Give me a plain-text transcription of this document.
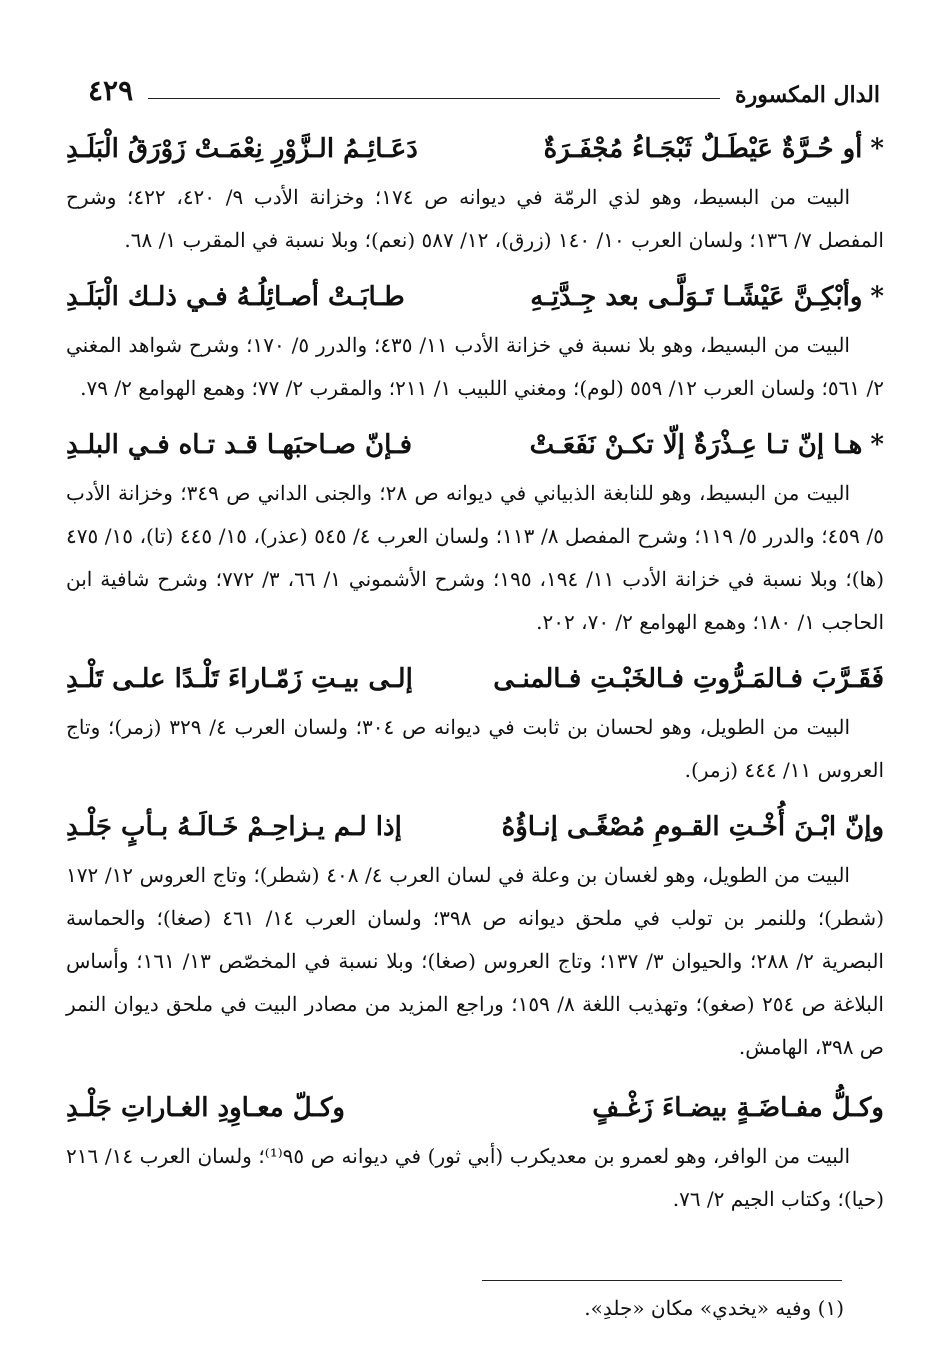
٤٢٩	الدال المكسورة
*أو حُـرَّةٌ عَيْطَـلٌ ثَبْجَـاءُ مُجْفَـرَةٌ
دَعَـائِـمُ الـزَّوْرِ نِعْمَـتْ زَوْرَقُ الْبَلَـدِ
البيت من البسيط، وهو لذي الرمّة في ديوانه ص ١٧٤؛ وخزانة الأدب ٩/ ٤٢٠، ٤٢٢؛ وشرح المفصل ٧/ ١٣٦؛ ولسان العرب ١٠/ ١٤٠ (زرق)، ١٢/ ٥٨٧ (نعم)؛ وبلا نسبة في المقرب ١/ ٦٨.
*وأبْكِـنَّ عَيْشًـا تَـوَلَّـى بعد جِـدَّتِـهِ
طـابَـتْ أصـائِلُـهُ فـي ذلـك الْبَلَـدِ
البيت من البسيط، وهو بلا نسبة في خزانة الأدب ١١/ ٤٣٥؛ والدرر ٥/ ١٧٠؛ وشرح شواهد المغني ٢/ ٥٦١؛ ولسان العرب ١٢/ ٥٥٩ (لوم)؛ ومغني اللبيب ١/ ٢١١؛ والمقرب ٢/ ٧٧؛ وهمع الهوامع ٢/ ٧٩.
*هـا إنّ تـا عِـذْرَةٌ إلّا تكـنْ نَفَعَـتْ
فـإنّ صـاحبَهـا قـد تـاه فـي البلـدِ
البيت من البسيط، وهو للنابغة الذبياني في ديوانه ص ٢٨؛ والجنى الداني ص ٣٤٩؛ وخزانة الأدب ٥/ ٤٥٩؛ والدرر ٥/ ١١٩؛ وشرح المفصل ٨/ ١١٣؛ ولسان العرب ٤/ ٥٤٥ (عذر)، ١٥/ ٤٤٥ (تا)، ١٥/ ٤٧٥ (ها)؛ وبلا نسبة في خزانة الأدب ١١/ ١٩٤، ١٩٥؛ وشرح الأشموني ١/ ٦٦، ٣/ ٧٧٢؛ وشرح شافية ابن الحاجب ١/ ١٨٠؛ وهمع الهوامع ٢/ ٧٠، ٢٠٢.
فَقَـرَّبَ فـالمَـرُّوتِ فـالخَبْـتِ فـالمنـى
إلـى بيـتِ زَمّـاراءَ تَلْـدًا علـى تَلْـدِ
البيت من الطويل، وهو لحسان بن ثابت في ديوانه ص ٣٠٤؛ ولسان العرب ٤/ ٣٢٩ (زمر)؛ وتاج العروس ١١/ ٤٤٤ (زمر).
وإنّ ابْـنَ أُخْـتِ القـومِ مُصْغًـى إنـاؤُهُ
إذا لـم يـزاحِـمْ خَـالَـهُ بـأبٍ جَلْـدِ
البيت من الطويل، وهو لغسان بن وعلة في لسان العرب ٤/ ٤٠٨ (شطر)؛ وتاج العروس ١٢/ ١٧٢ (شطر)؛ وللنمر بن تولب في ملحق ديوانه ص ٣٩٨؛ ولسان العرب ١٤/ ٤٦١ (صغا)؛ والحماسة البصرية ٢/ ٢٨٨؛ والحيوان ٣/ ١٣٧؛ وتاج العروس (صغا)؛ وبلا نسبة في المخصّص ١٣/ ١٦١؛ وأساس البلاغة ص ٢٥٤ (صغو)؛ وتهذيب اللغة ٨/ ١٥٩؛ وراجع المزيد من مصادر البيت في ملحق ديوان النمر ص ٣٩٨، الهامش.
وكـلُّ مفـاضَـةٍ بيضـاءَ زَغْـفٍ
وكـلّ معـاوِدِ الغـاراتِ جَلْـدِ
البيت من الوافر، وهو لعمرو بن معديكرب (أبي ثور) في ديوانه ص ٩٥⁽¹⁾؛ ولسان العرب ١٤/ ٢١٦ (حيا)؛ وكتاب الجيم ٢/ ٧٦.
(١) وفيه «يخدي» مكان «جلدِ».
